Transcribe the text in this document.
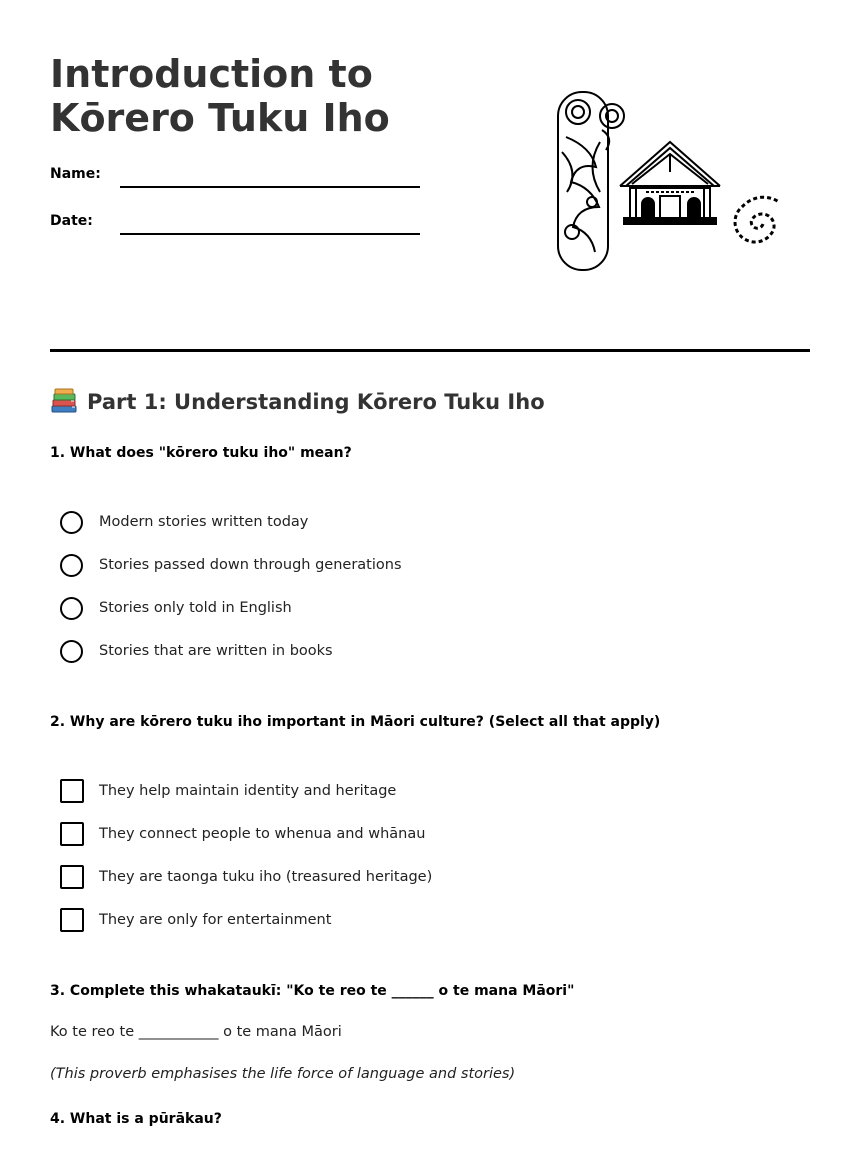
Introduction to Kōrero Tuku Iho
Name:
Date:
Part 1: Understanding Kōrero Tuku Iho
1. What does "kōrero tuku iho" mean?
Modern stories written today
Stories passed down through generations
Stories only told in English
Stories that are written in books
2. Why are kōrero tuku iho important in Māori culture? (Select all that apply)
They help maintain identity and heritage
They connect people to whenua and whānau
They are taonga tuku iho (treasured heritage)
They are only for entertainment
3. Complete this whakataukī: "Ko te reo te ______ o te mana Māori"
Ko te reo te ___________ o te mana Māori
(This proverb emphasises the life force of language and stories)
4. What is a pūrākau?
